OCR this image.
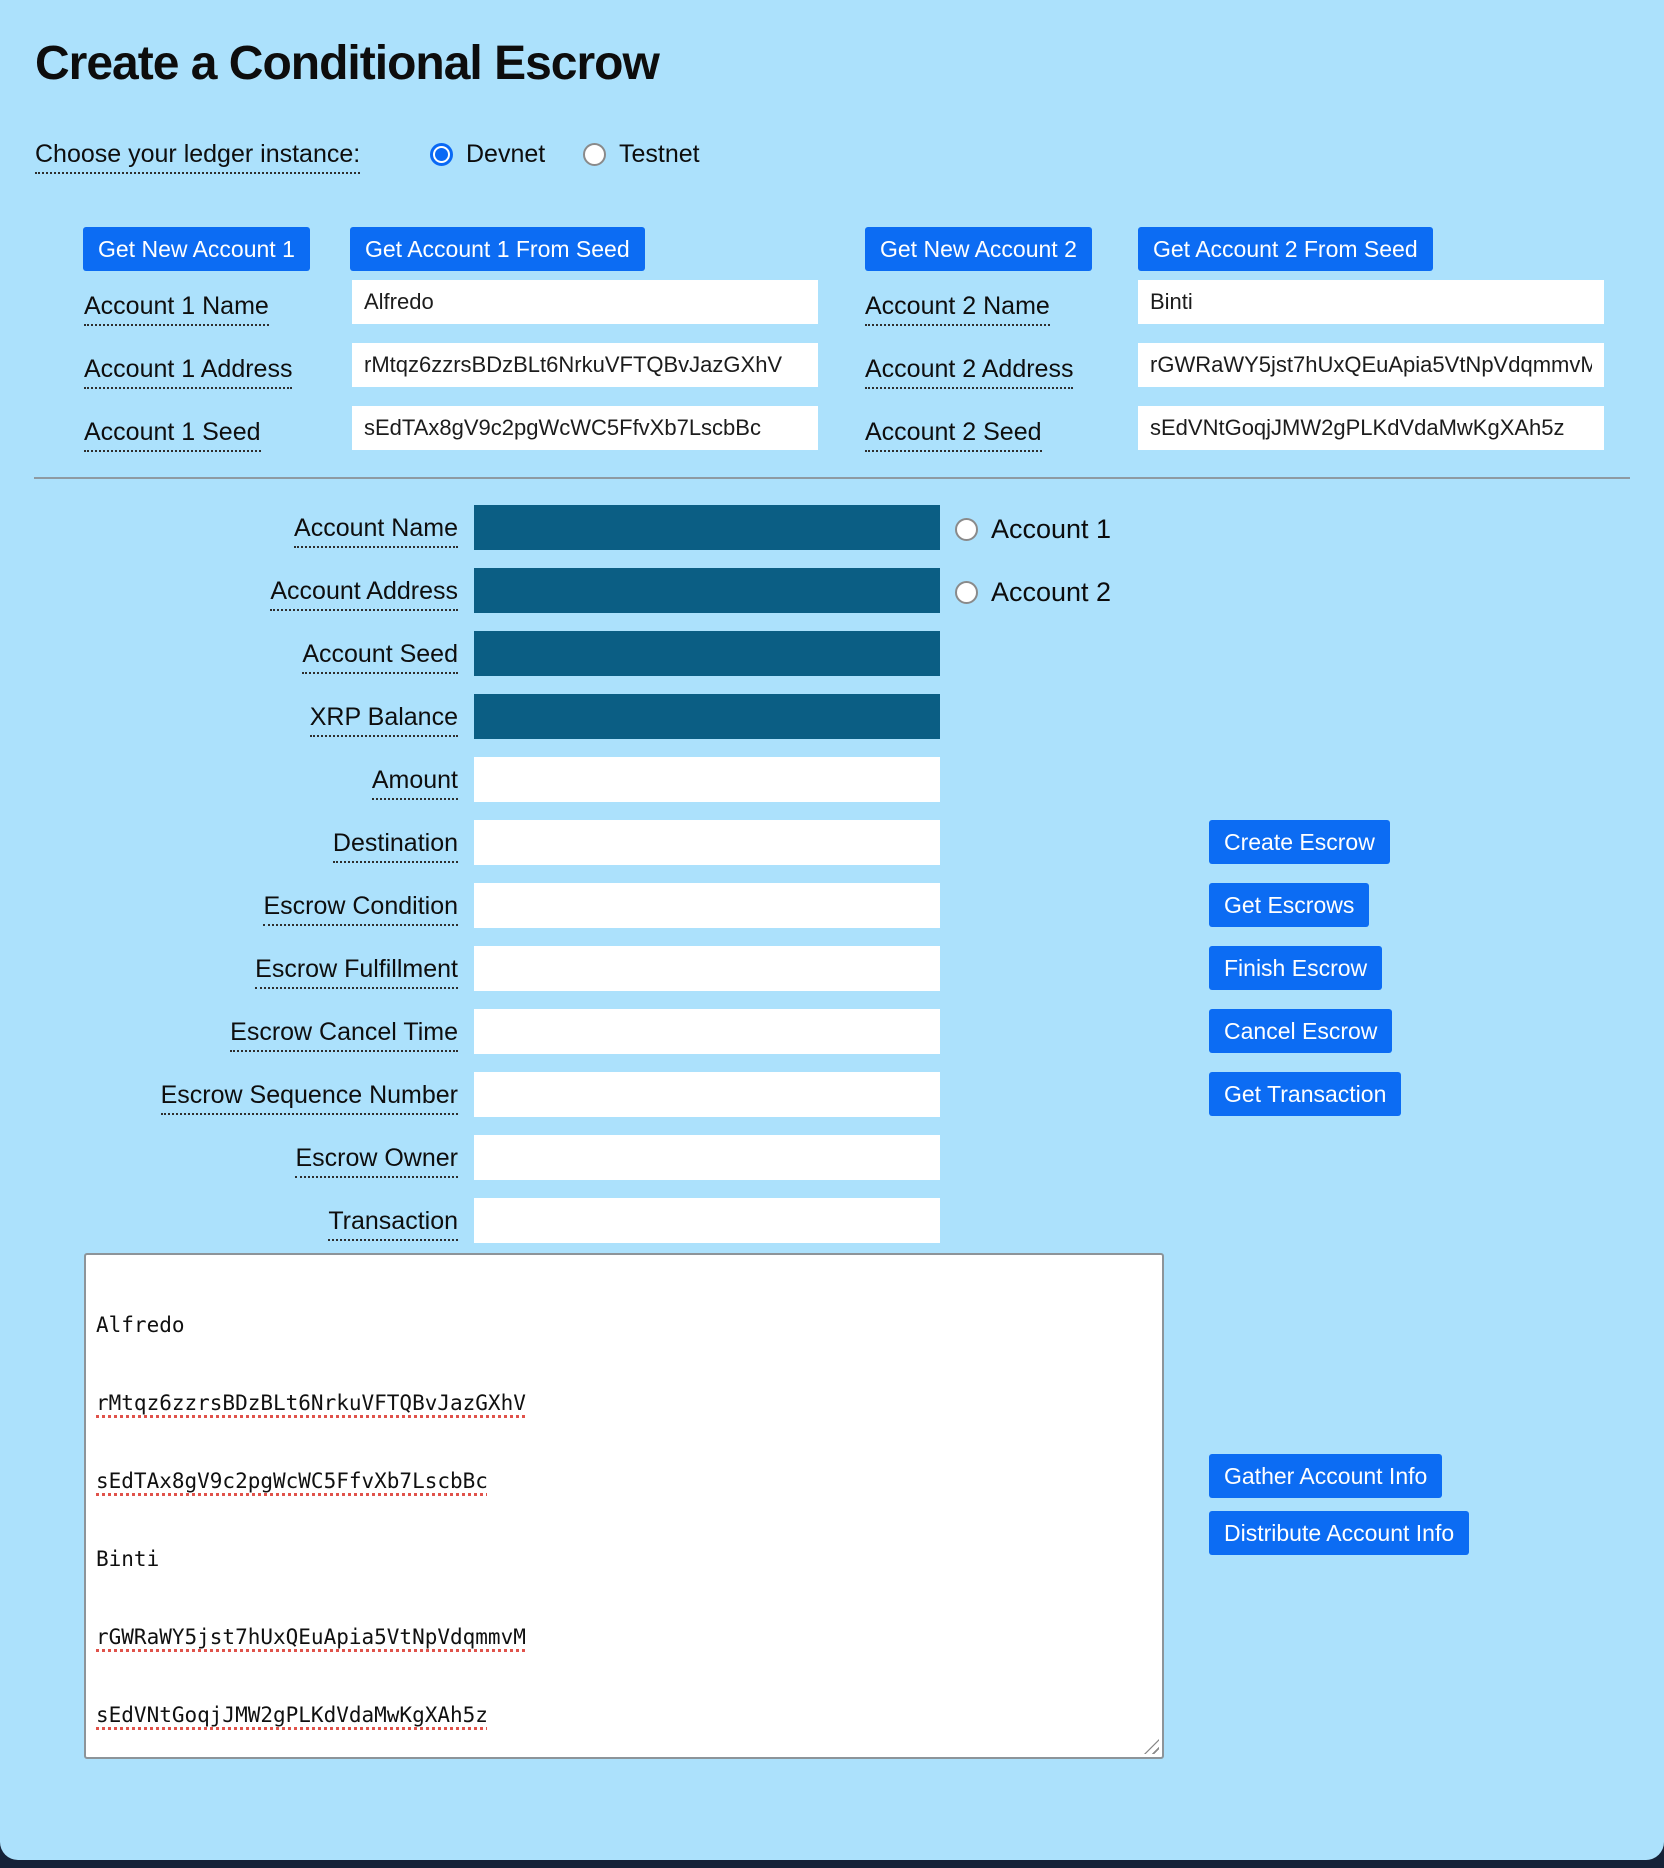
Create a Conditional Escrow
Choose your ledger instance:	Devnet	Testnet
Get New Account 1	Get Account 1 From Seed	Get New Account 2	Get Account 2 From Seed
Account 1 Name
Alfredo
Account 1 Address
rMtqz6zzrsBDzBLt6NrkuVFTQBvJazGXhV
Account 1 Seed
sEdTAx8gV9c2pgWcWC5FfvXb7LscbBc
Account 2 Name
Binti
Account 2 Address
rGWRaWY5jst7hUxQEuApia5VtNpVdqmmvM
Account 2 Seed
sEdVNtGoqjJMW2gPLKdVdaMwKgXAh5z
Account Name
Account Address
Account Seed
XRP Balance
Amount
Destination
Escrow Condition
Escrow Fulfillment
Escrow Cancel Time
Escrow Sequence Number
Escrow Owner
Transaction
Account 1
Account 2
Create Escrow
Get Escrows
Finish Escrow
Cancel Escrow
Get Transaction

Alfredo

rMtqz6zzrsBDzBLt6NrkuVFTQBvJazGXhV

sEdTAx8gV9c2pgWcWC5FfvXb7LscbBc

Binti

rGWRaWY5jst7hUxQEuApia5VtNpVdqmmvM

sEdVNtGoqjJMW2gPLKdVdaMwKgXAh5z

Gather Account Info
Distribute Account Info
